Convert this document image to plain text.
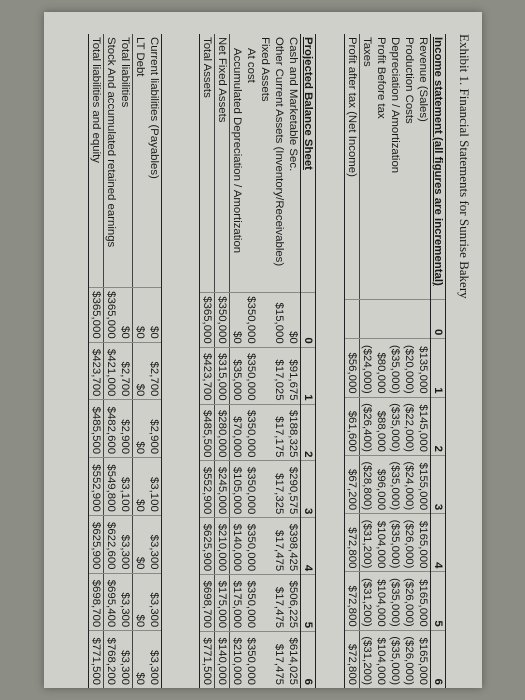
Exhibit 1. Financial Statements for Sunrise Bakery
Income statement (all figures are incremental)	0	1	2	3	4	5	6
Revenue (Sales)		$135,000	$145,000	$155,000	$165,000	$165,000	$165,000
Production Costs		($20,000)	($22,000)	($24,000)	($26,000)	($26,000)	($26,000)
Depreciation / Amortization		($35,000)	($35,000)	($35,000)	($35,000)	($35,000)	($35,000)
Profit Before tax		$80,000	$88,000	$96,000	$104,000	$104,000	$104,000
Taxes		($24,000)	($26,400)	($28,800)	($31,200)	($31,200)	($31,200)
Profit after tax (Net Income)		$56,000	$61,600	$67,200	$72,800	$72,800	$72,800
Projected Balance Sheet	0	1	2	3	4	5	6
Cash and Marketable Sec.	$0	$91,675	$188,325	$290,575	$398,425	$506,225	$614,025
Other Current Assets (Inventory/Receivables)	$15,000	$17,025	$17,175	$17,325	$17,475	$17,475	$17,475
Fixed Assets							
At cost	$350,000	$350,000	$350,000	$350,000	$350,000	$350,000	$350,000
Accumulated Depreciation / Amortization	$0	$35,000	$70,000	$105,000	$140,000	$175,000	$210,000
Net Fixed Assets	$350,000	$315,000	$280,000	$245,000	$210,000	$175,000	$140,000
Total Assets	$365,000	$423,700	$485,500	$552,900	$625,900	$698,700	$771,500
Current liabilities (Payables)	$0	$2,700	$2,900	$3,100	$3,300	$3,300	$3,300
LT Debt	$0	$0	$0	$0	$0	$0	$0
Total liabilities	$0	$2,700	$2,900	$3,100	$3,300	$3,300	$3,300
Stock And accumulated retained earnings	$365,000	$421,000	$482,600	$549,800	$622,600	$695,400	$768,200
Total liabilities and equity	$365,000	$423,700	$485,500	$552,900	$625,900	$698,700	$771,500
